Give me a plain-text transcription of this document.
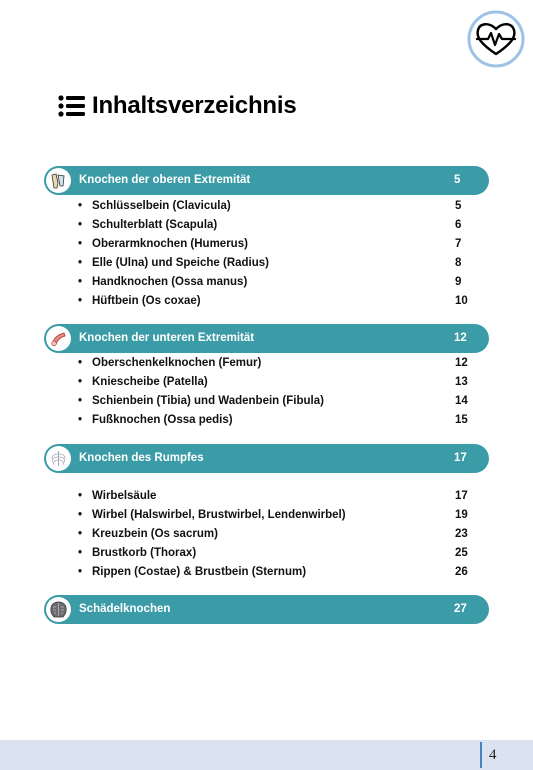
Inhaltsverzeichnis
Knochen der oberen Extremität	5
• Schlüsselbein (Clavicula)	5
• Schulterblatt (Scapula)	6
• Oberarmknochen (Humerus)	7
• Elle (Ulna) und Speiche (Radius)	8
• Handknochen (Ossa manus)	9
• Hüftbein (Os coxae)	10
Knochen der unteren Extremität	12
• Oberschenkelknochen (Femur)	12
• Kniescheibe (Patella)	13
• Schienbein (Tibia) und Wadenbein (Fibula)	14
• Fußknochen (Ossa pedis)	15
Knochen des Rumpfes	17
• Wirbelsäule	17
• Wirbel (Halswirbel, Brustwirbel, Lendenwirbel)	19
• Kreuzbein (Os sacrum)	23
• Brustkorb (Thorax)	25
• Rippen (Costae) & Brustbein (Sternum)	26
Schädelknochen	27
4
